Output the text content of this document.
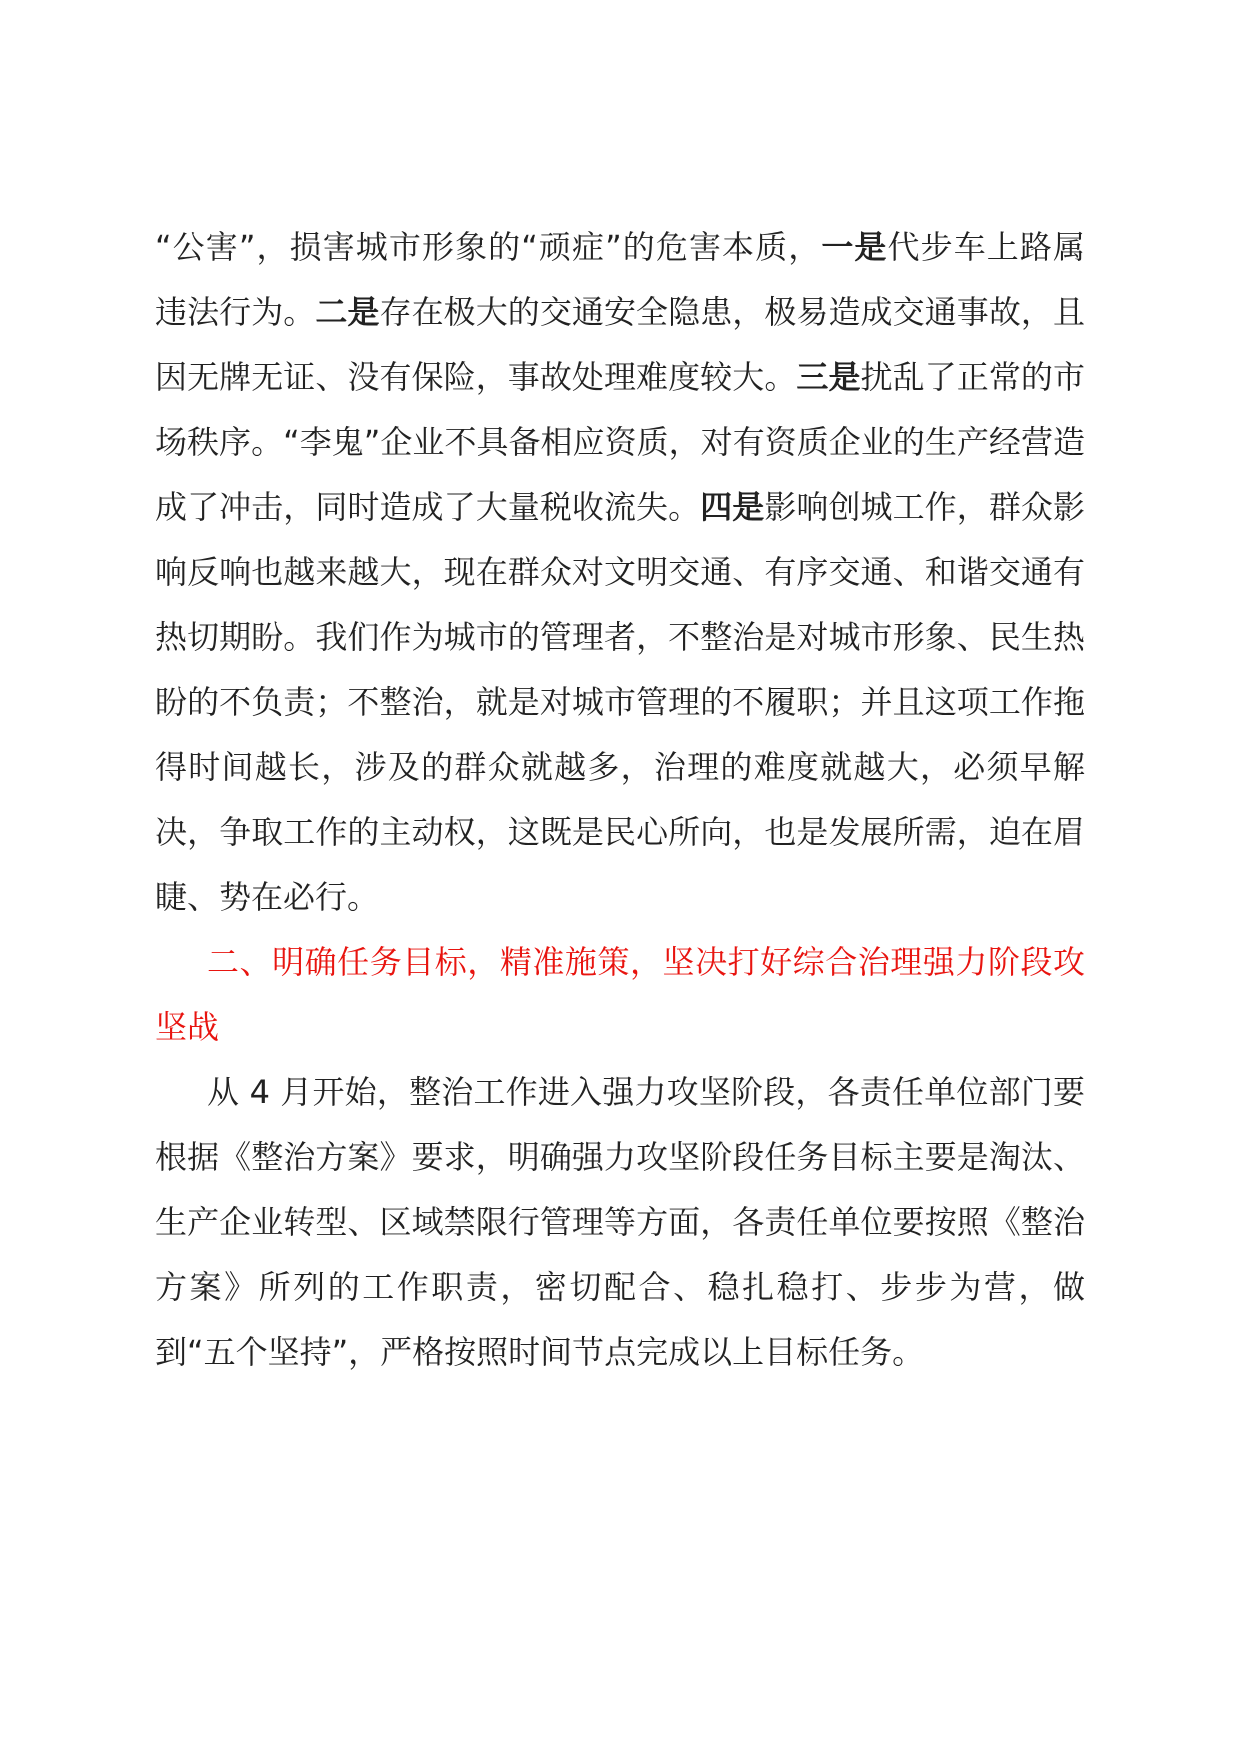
“公害”，损害城市形象的“顽症”的危害本质，一是代步车上路属违法行为。二是存在极大的交通安全隐患，极易造成交通事故，且因无牌无证、没有保险，事故处理难度较大。三是扰乱了正常的市场秩序。“李鬼”企业不具备相应资质，对有资质企业的生产经营造成了冲击，同时造成了大量税收流失。四是影响创城工作，群众影响反响也越来越大，现在群众对文明交通、有序交通、和谐交通有热切期盼。我们作为城市的管理者，不整治是对城市形象、民生热盼的不负责；不整治，就是对城市管理的不履职；并且这项工作拖得时间越长，涉及的群众就越多，治理的难度就越大，必须早解决，争取工作的主动权，这既是民心所向，也是发展所需，迫在眉睫、势在必行。

二、明确任务目标，精准施策，坚决打好综合治理强力阶段攻坚战

从 4 月开始，整治工作进入强力攻坚阶段，各责任单位部门要根据《整治方案》要求，明确强力攻坚阶段任务目标主要是淘汰、生产企业转型、区域禁限行管理等方面，各责任单位要按照《整治方案》所列的工作职责，密切配合、稳扎稳打、步步为营，做到“五个坚持”，严格按照时间节点完成以上目标任务。
